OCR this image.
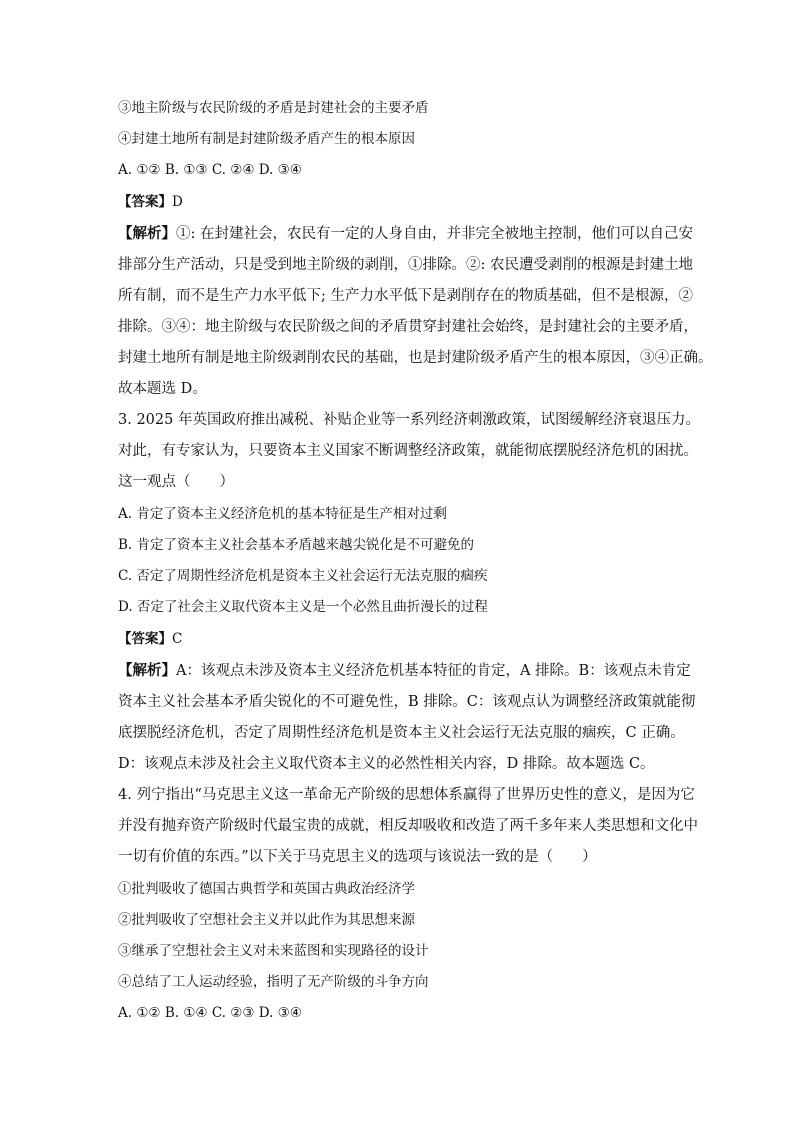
③地主阶级与农民阶级的矛盾是封建社会的主要矛盾

④封建土地所有制是封建阶级矛盾产生的根本原因

A. ①② B. ①③ C. ②④ D. ③④

【答案】D

【解析】①: 在封建社会，农民有一定的人身自由，并非完全被地主控制，他们可以自己安

排部分生产活动，只是受到地主阶级的剥削，①排除。②: 农民遭受剥削的根源是封建土地

所有制，而不是生产力水平低下; 生产力水平低下是剥削存在的物质基础，但不是根源，②

排除。③④：地主阶级与农民阶级之间的矛盾贯穿封建社会始终，是封建社会的主要矛盾，

封建土地所有制是地主阶级剥削农民的基础，也是封建阶级矛盾产生的根本原因，③④正确。

故本题选 D。

3. 2025 年英国政府推出减税、补贴企业等一系列经济刺激政策，试图缓解经济衰退压力。

对此，有专家认为，只要资本主义国家不断调整经济政策，就能彻底摆脱经济危机的困扰。

这一观点（　　）

A. 肯定了资本主义经济危机的基本特征是生产相对过剩

B. 肯定了资本主义社会基本矛盾越来越尖锐化是不可避免的

C. 否定了周期性经济危机是资本主义社会运行无法克服的痼疾

D. 否定了社会主义取代资本主义是一个必然且曲折漫长的过程

【答案】C

【解析】A：该观点未涉及资本主义经济危机基本特征的肯定，A 排除。B：该观点未肯定

资本主义社会基本矛盾尖锐化的不可避免性，B 排除。C：该观点认为调整经济政策就能彻

底摆脱经济危机，否定了周期性经济危机是资本主义社会运行无法克服的痼疾，C 正确。

D：该观点未涉及社会主义取代资本主义的必然性相关内容，D 排除。故本题选 C。

4. 列宁指出“马克思主义这一革命无产阶级的思想体系赢得了世界历史性的意义，是因为它

并没有抛弃资产阶级时代最宝贵的成就，相反却吸收和改造了两千多年来人类思想和文化中

一切有价值的东西。”以下关于马克思主义的选项与该说法一致的是（　　）

①批判吸收了德国古典哲学和英国古典政治经济学

②批判吸收了空想社会主义并以此作为其思想来源

③继承了空想社会主义对未来蓝图和实现路径的设计

④总结了工人运动经验，指明了无产阶级的斗争方向

A. ①② B. ①④ C. ②③ D. ③④
